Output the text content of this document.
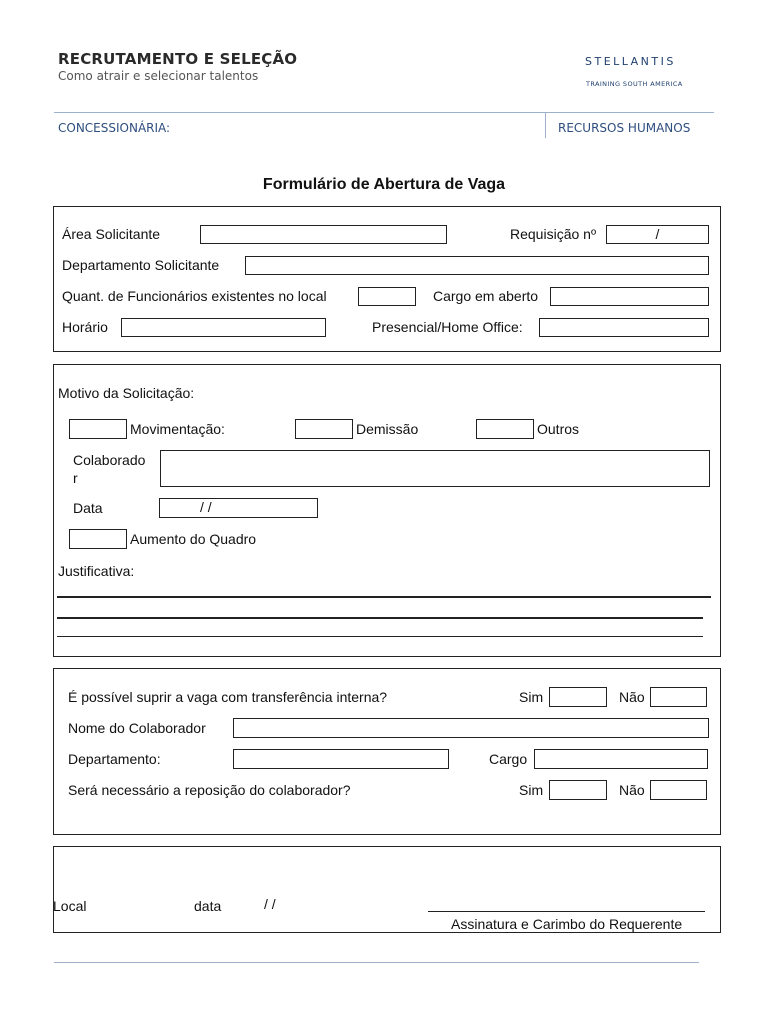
RECRUTAMENTO E SELEÇÃO
Como atrair e selecionar talentos
STELLANTIS
TRAINING SOUTH AMERICA
CONCESSIONÁRIA:	RECURSOS HUMANOS
Formulário de Abertura de Vaga
Área Solicitante	Requisição nº	/
Departamento Solicitante
Quant. de Funcionários existentes no local	Cargo em aberto
Horário	Presencial/Home Office:
Motivo da Solicitação:
Movimentação:	Demissão	Outros
Colaborado
r
Data	/ /
Aumento do Quadro
Justificativa:
É possível suprir a vaga com transferência interna?	Sim	Não
Nome do Colaborador
Departamento:	Cargo
Será necessário a reposição do colaborador?	Sim	Não
Local	data	/ /
Assinatura e Carimbo do Requerente
